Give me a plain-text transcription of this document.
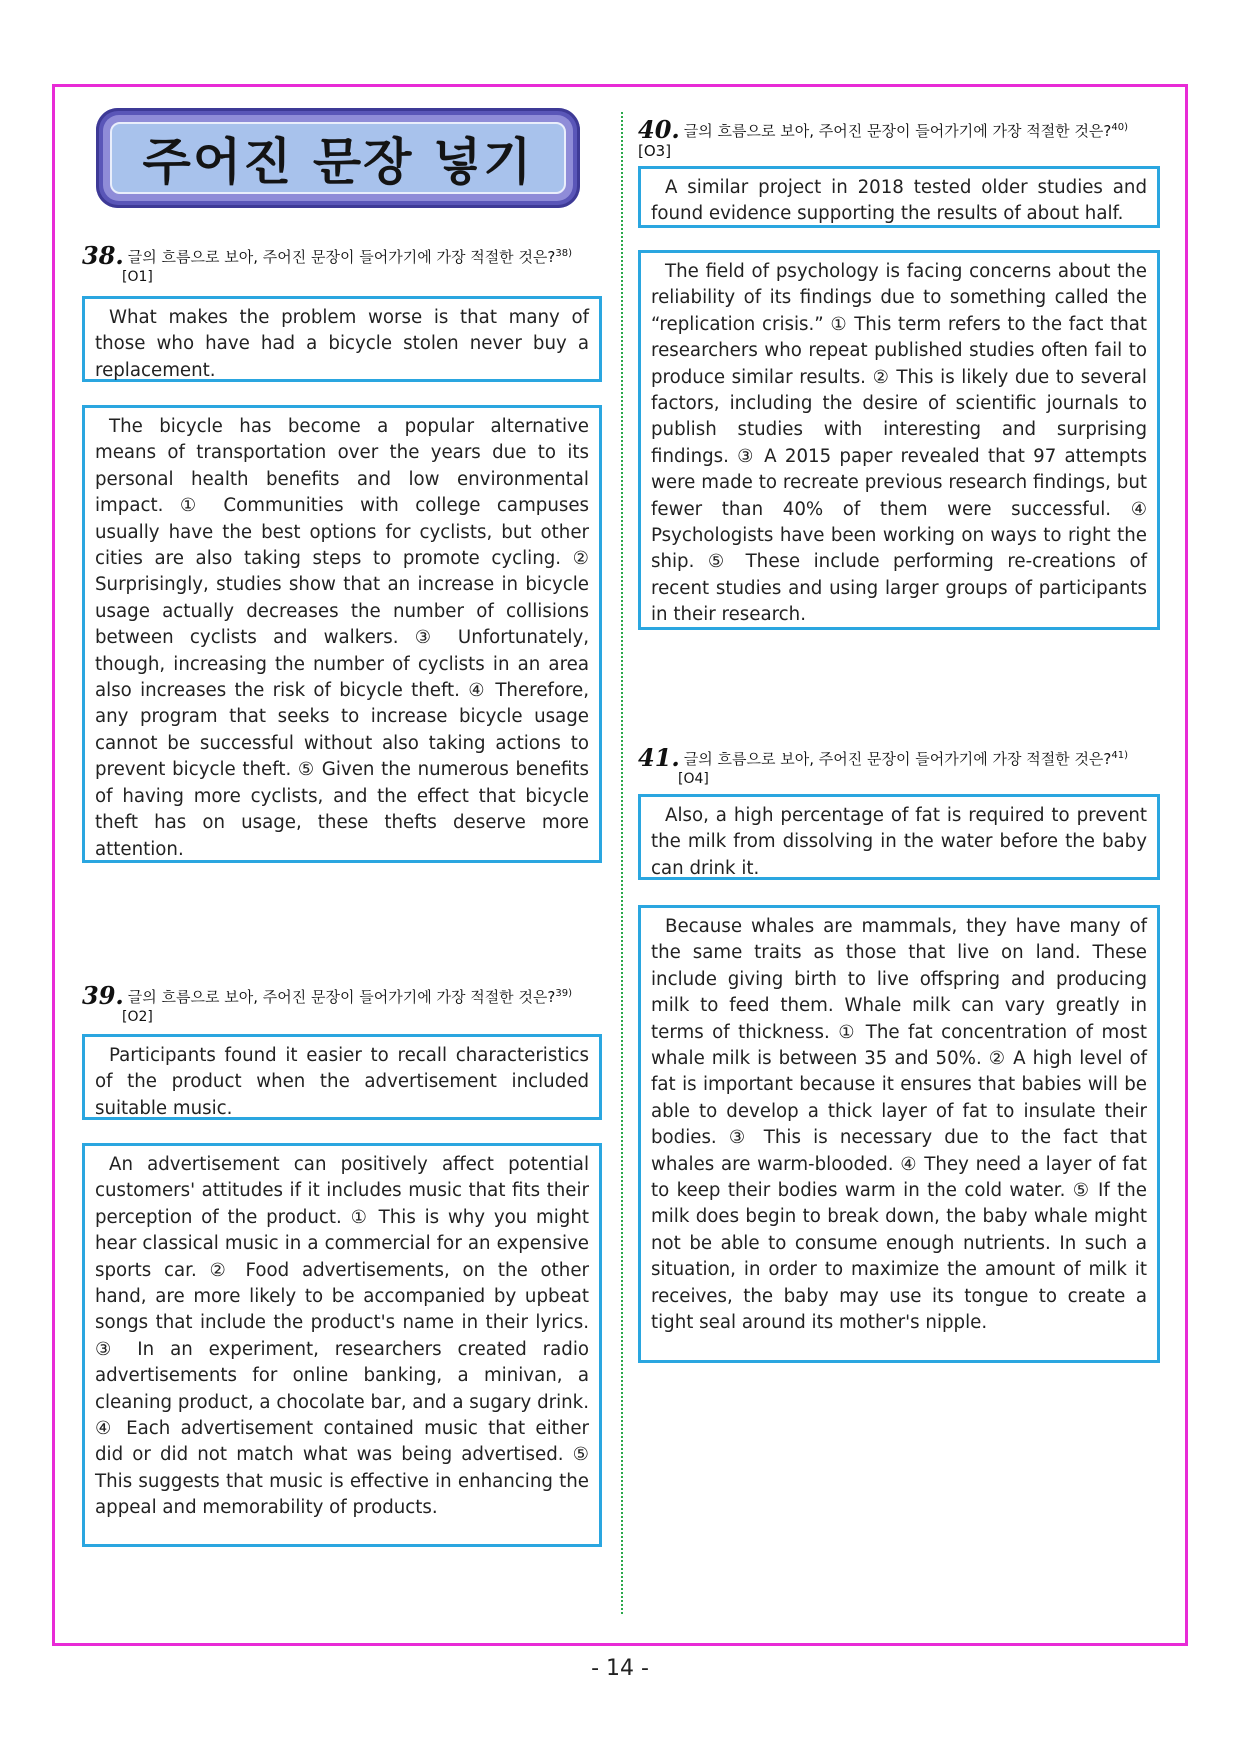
주어진 문장 넣기
38. 글의 흐름으로 보아, 주어진 문장이 들어가기에 가장 적절한 것은?$^{38)}$
[O1]

What makes the problem worse is that many of those who have had a bicycle stolen never buy a replacement.

The bicycle has become a popular alternative means of transportation over the years due to its personal health benefits and low environmental impact. ① Communities with college campuses usually have the best options for cyclists, but other cities are also taking steps to promote cycling. ② Surprisingly, studies show that an increase in bicycle usage actually decreases the number of collisions between cyclists and walkers. ③ Unfortunately, though, increasing the number of cyclists in an area also increases the risk of bicycle theft. ④ Therefore, any program that seeks to increase bicycle usage cannot be successful without also taking actions to prevent bicycle theft. ⑤ Given the numerous benefits of having more cyclists, and the effect that bicycle theft has on usage, these thefts deserve more attention.

39. 글의 흐름으로 보아, 주어진 문장이 들어가기에 가장 적절한 것은?$^{39)}$
[O2]

Participants found it easier to recall characteristics of the product when the advertisement included suitable music.

An advertisement can positively affect potential customers' attitudes if it includes music that fits their perception of the product. ① This is why you might hear classical music in a commercial for an expensive sports car. ② Food advertisements, on the other hand, are more likely to be accompanied by upbeat songs that include the product's name in their lyrics. ③ In an experiment, researchers created radio advertisements for online banking, a minivan, a cleaning product, a chocolate bar, and a sugary drink. ④ Each advertisement contained music that either did or did not match what was being advertised. ⑤ This suggests that music is effective in enhancing the appeal and memorability of products.

40. 글의 흐름으로 보아, 주어진 문장이 들어가기에 가장 적절한 것은?$^{40)}$[O3]

A similar project in 2018 tested older studies and found evidence supporting the results of about half.

The field of psychology is facing concerns about the reliability of its findings due to something called the “replication crisis.” ① This term refers to the fact that researchers who repeat published studies often fail to produce similar results. ② This is likely due to several factors, including the desire of scientific journals to publish studies with interesting and surprising findings. ③ A 2015 paper revealed that 97 attempts were made to recreate previous research findings, but fewer than 40% of them were successful. ④ Psychologists have been working on ways to right the ship. ⑤ These include performing re-creations of recent studies and using larger groups of participants in their research.

41. 글의 흐름으로 보아, 주어진 문장이 들어가기에 가장 적절한 것은?$^{41)}$
[O4]

Also, a high percentage of fat is required to prevent the milk from dissolving in the water before the baby can drink it.

Because whales are mammals, they have many of the same traits as those that live on land. These include giving birth to live offspring and producing milk to feed them. Whale milk can vary greatly in terms of thickness. ① The fat concentration of most whale milk is between 35 and 50%. ② A high level of fat is important because it ensures that babies will be able to develop a thick layer of fat to insulate their bodies. ③ This is necessary due to the fact that whales are warm-blooded. ④ They need a layer of fat to keep their bodies warm in the cold water. ⑤ If the milk does begin to break down, the baby whale might not be able to consume enough nutrients. In such a situation, in order to maximize the amount of milk it receives, the baby may use its tongue to create a tight seal around its mother's nipple.

- 14 -
